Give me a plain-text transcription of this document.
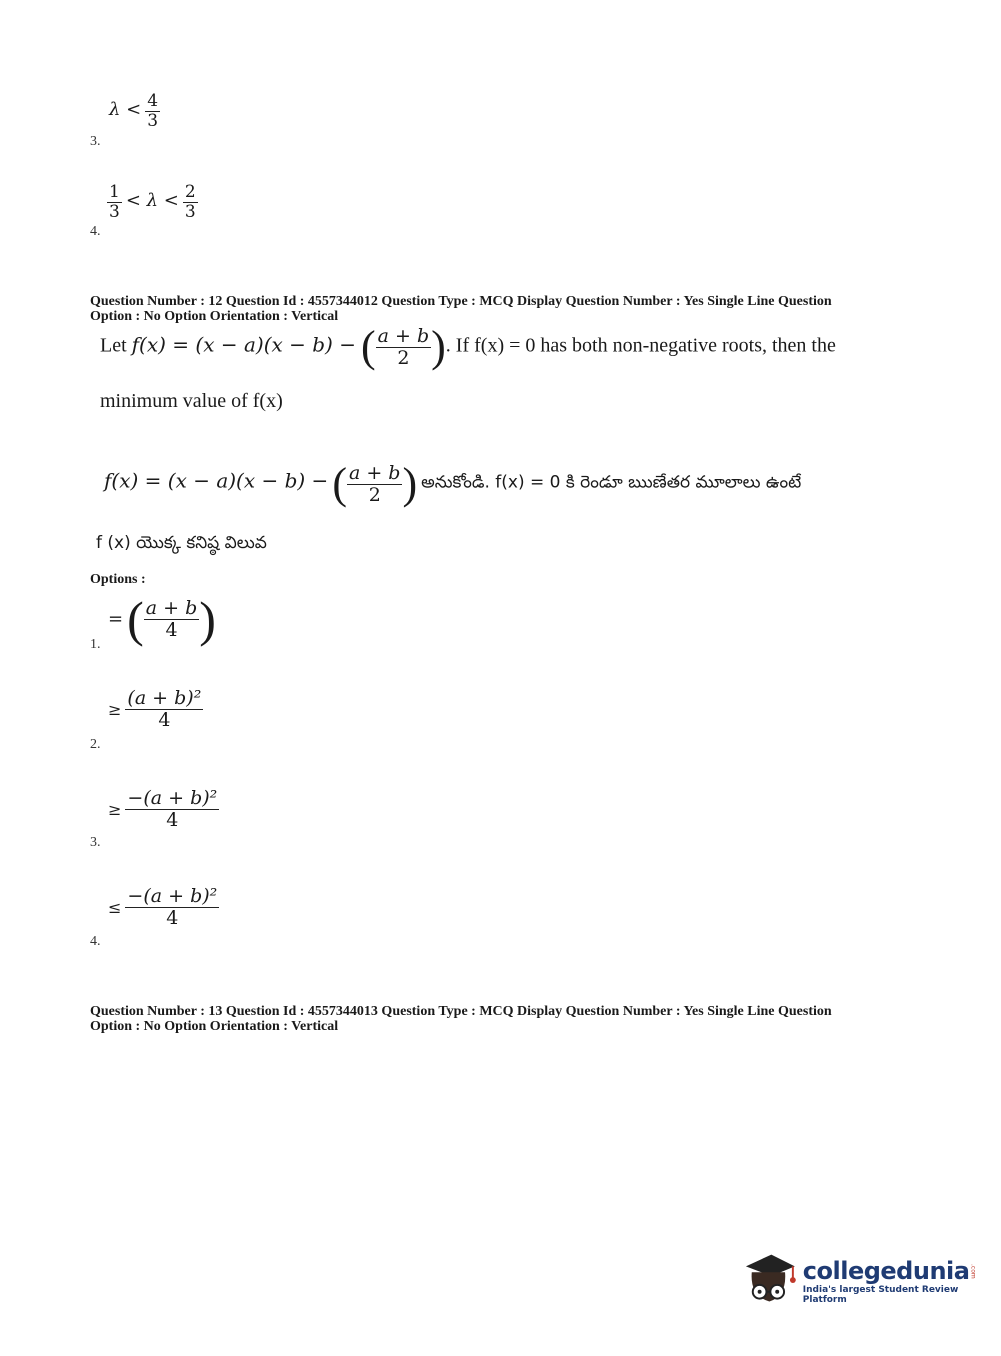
$\lambda < \frac{4}{3}$
3.
$\frac{1}{3} < \lambda < \frac{2}{3}$
4.
Question Number : 12 Question Id : 4557344012 Question Type : MCQ Display Question Number : Yes Single Line Question
Option : No Option Orientation : Vertical
Let f(x) = (x − a)(x − b) − ( $\frac{a + b}{2}$ ). If f(x) = 0 has both non-negative roots, then the
minimum value of f(x)
f(x) = (x − a)(x − b) − ( $\frac{a + b}{2}$ ) అనుకోండి. f(x) = 0 కి రెండూ ఋణేతర మూలాలు ఉంటే
f (x) యొక్క కనిష్ఠ విలువ
Options :
= ( $\frac{a + b}{4}$ )
1.
≥ $\frac{\text{(a + b)²}}{4}$
2.
≥ $\frac{\text{−(a + b)²}}{4}$
3.
≤ $\frac{\text{−(a + b)²}}{4}$
4.
Question Number : 13 Question Id : 4557344013 Question Type : MCQ Display Question Number : Yes Single Line Question
Option : No Option Orientation : Vertical
collegedunia.com
India's largest Student Review Platform
